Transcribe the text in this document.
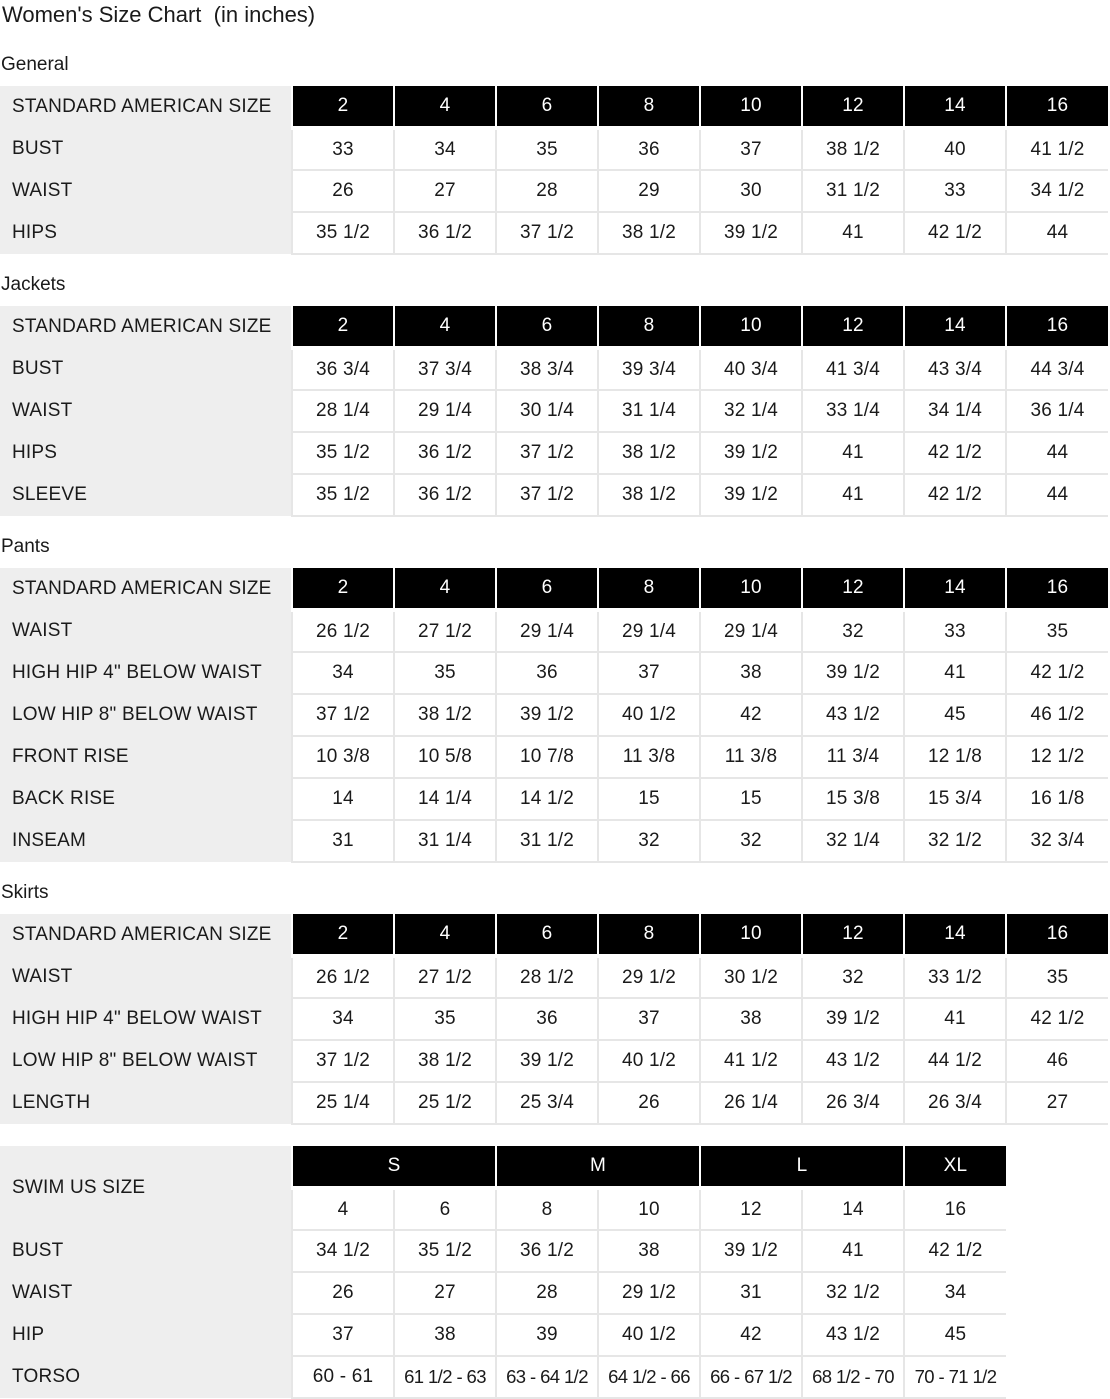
Women's Size Chart  (in inches)
General
STANDARD AMERICAN SIZE	2	4	6	8	10	12	14	16
BUST	33	34	35	36	37	38 1/2	40	41 1/2
WAIST	26	27	28	29	30	31 1/2	33	34 1/2
HIPS	35 1/2	36 1/2	37 1/2	38 1/2	39 1/2	41	42 1/2	44
Jackets
STANDARD AMERICAN SIZE	2	4	6	8	10	12	14	16
BUST	36 3/4	37 3/4	38 3/4	39 3/4	40 3/4	41 3/4	43 3/4	44 3/4
WAIST	28 1/4	29 1/4	30 1/4	31 1/4	32 1/4	33 1/4	34 1/4	36 1/4
HIPS	35 1/2	36 1/2	37 1/2	38 1/2	39 1/2	41	42 1/2	44
SLEEVE	35 1/2	36 1/2	37 1/2	38 1/2	39 1/2	41	42 1/2	44
Pants
STANDARD AMERICAN SIZE	2	4	6	8	10	12	14	16
WAIST	26 1/2	27 1/2	29 1/4	29 1/4	29 1/4	32	33	35
HIGH HIP 4" BELOW WAIST	34	35	36	37	38	39 1/2	41	42 1/2
LOW HIP 8" BELOW WAIST	37 1/2	38 1/2	39 1/2	40 1/2	42	43 1/2	45	46 1/2
FRONT RISE	10 3/8	10 5/8	10 7/8	11 3/8	11 3/8	11 3/4	12 1/8	12 1/2
BACK RISE	14	14 1/4	14 1/2	15	15	15 3/8	15 3/4	16 1/8
INSEAM	31	31 1/4	31 1/2	32	32	32 1/4	32 1/2	32 3/4
Skirts
STANDARD AMERICAN SIZE	2	4	6	8	10	12	14	16
WAIST	26 1/2	27 1/2	28 1/2	29 1/2	30 1/2	32	33 1/2	35
HIGH HIP 4" BELOW WAIST	34	35	36	37	38	39 1/2	41	42 1/2
LOW HIP 8" BELOW WAIST	37 1/2	38 1/2	39 1/2	40 1/2	41 1/2	43 1/2	44 1/2	46
LENGTH	25 1/4	25 1/2	25 3/4	26	26 1/4	26 3/4	26 3/4	27
SWIM US SIZE	S		M		L		XL	
	4	6	8	10	12	14	16	
BUST	34 1/2	35 1/2	36 1/2	38	39 1/2	41	42 1/2	
WAIST	26	27	28	29 1/2	31	32 1/2	34	
HIP	37	38	39	40 1/2	42	43 1/2	45	
TORSO	60 - 61	61 1/2 - 63	63 - 64 1/2	64 1/2 - 66	66 - 67 1/2	68 1/2 - 70	70 - 71 1/2	
